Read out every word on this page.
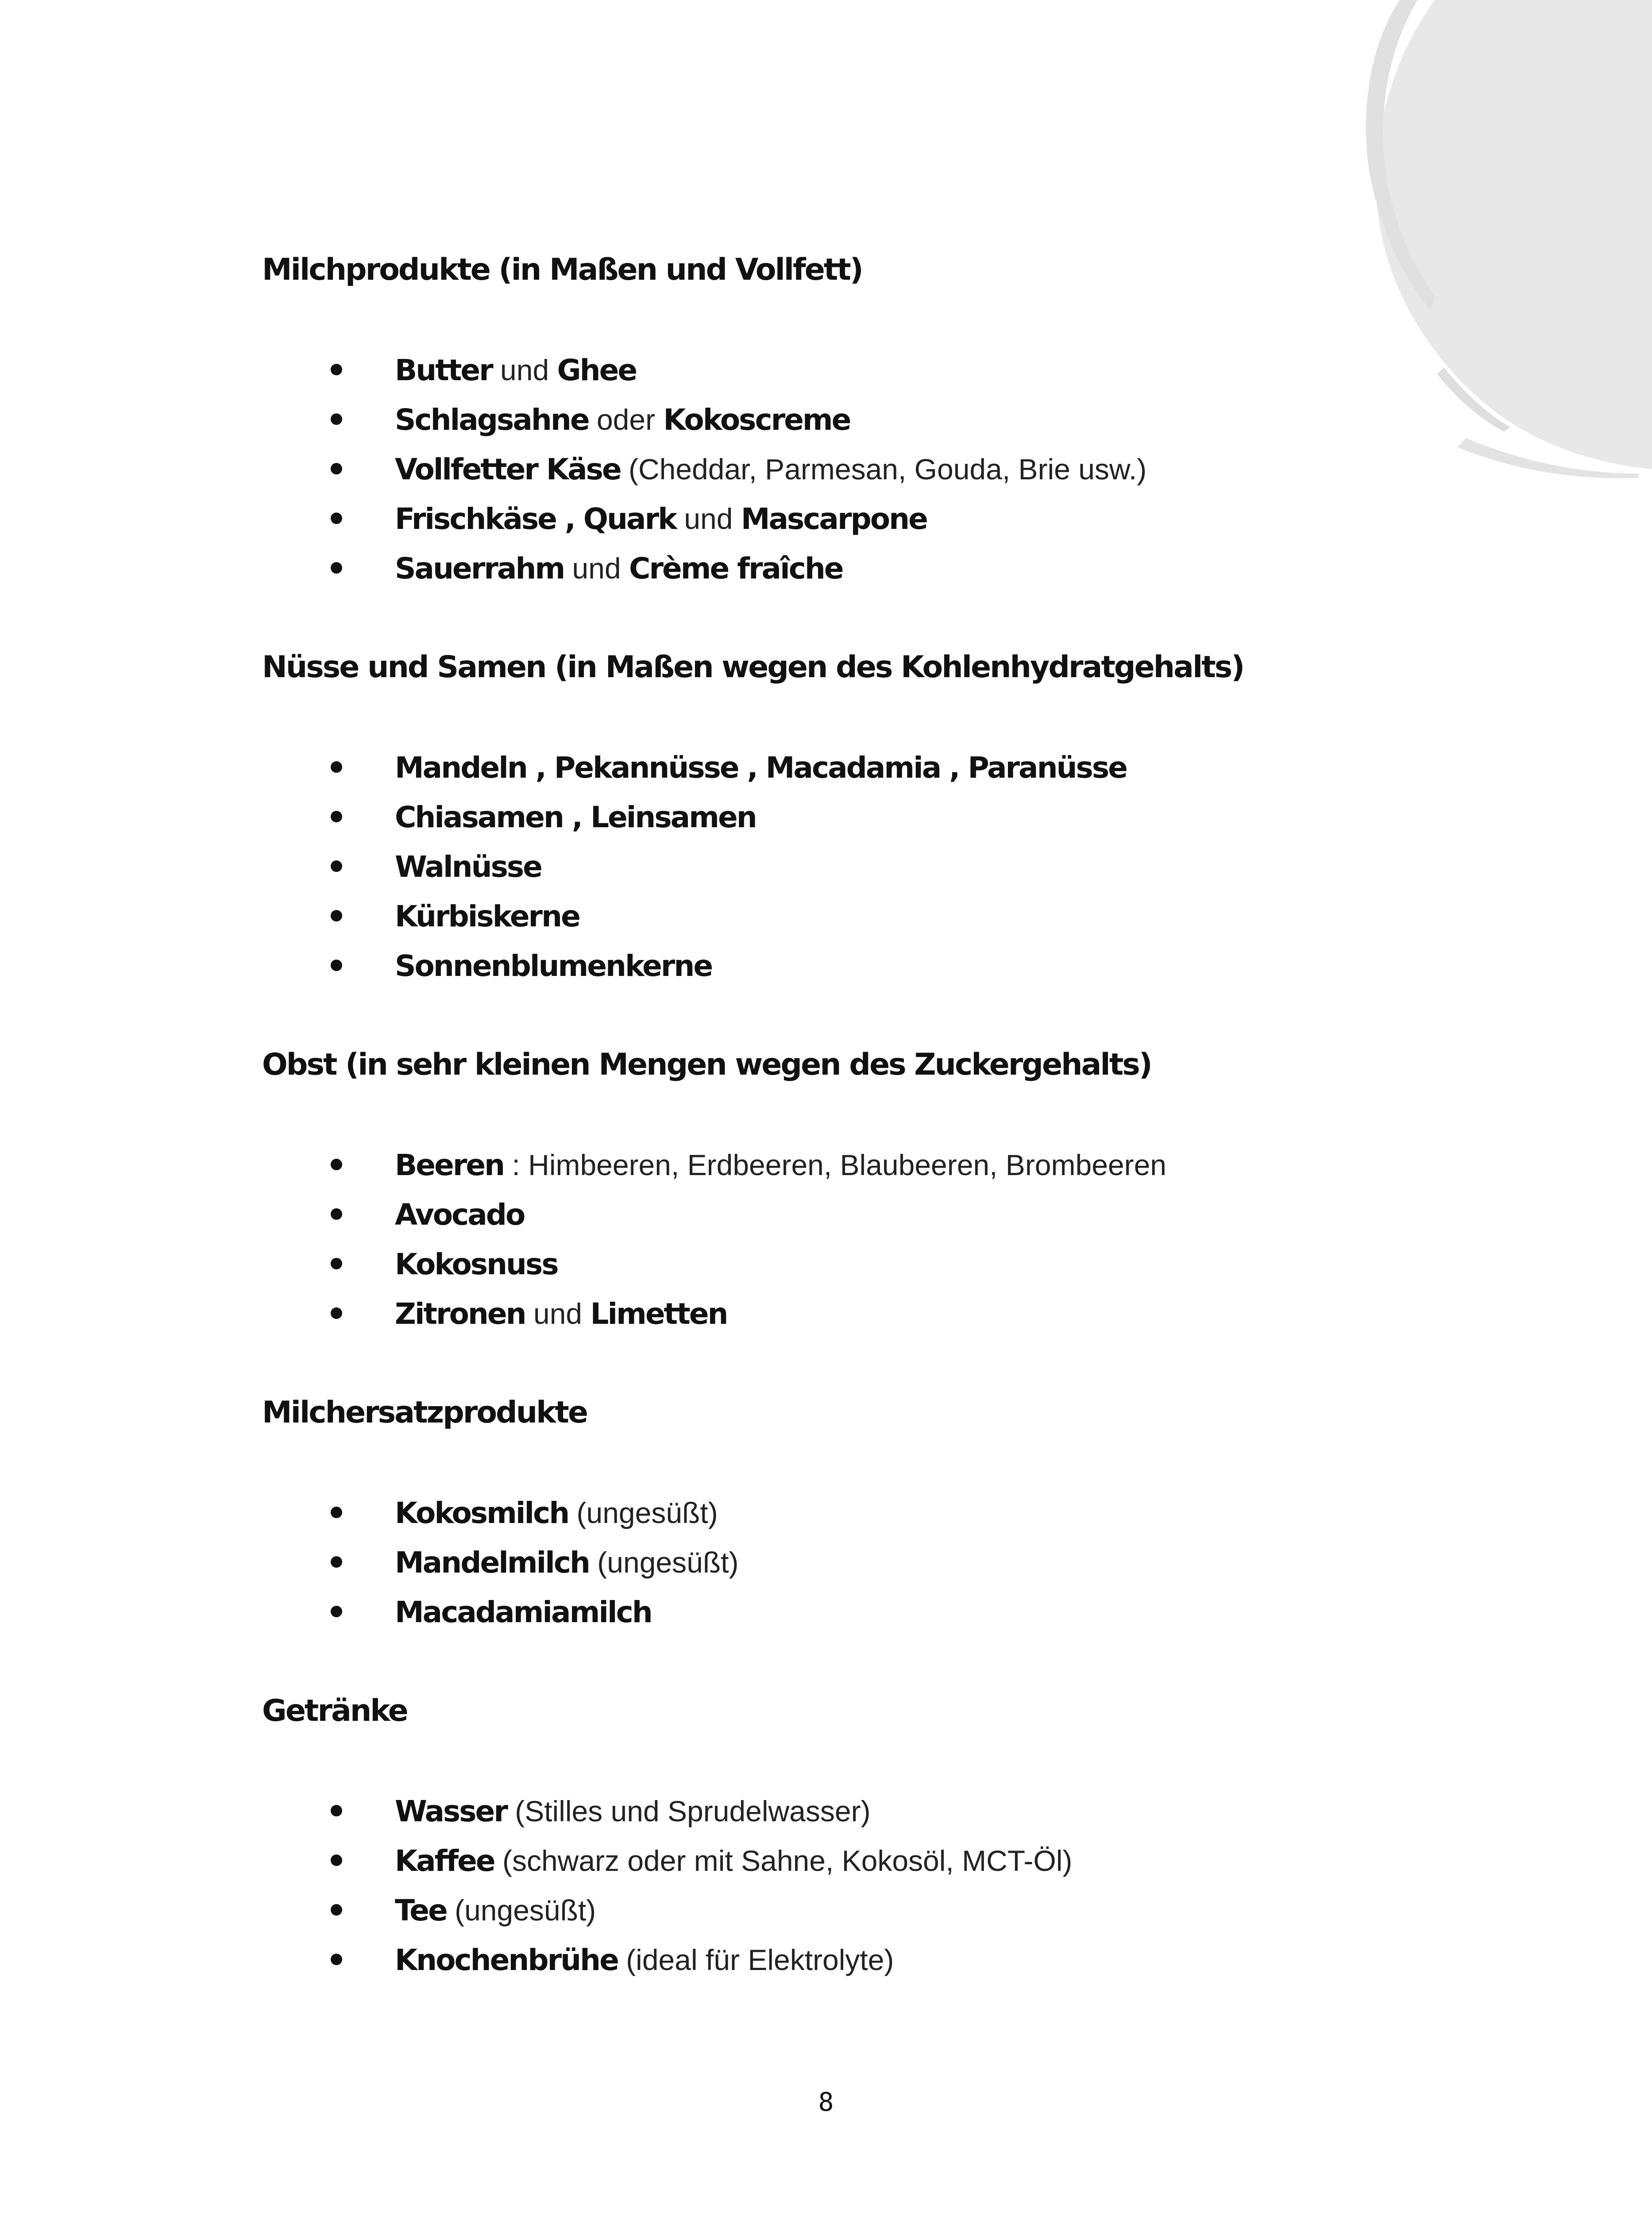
Milchprodukte (in Maßen und Vollfett)
Butter und Ghee
Schlagsahne oder Kokoscreme
Vollfetter Käse (Cheddar, Parmesan, Gouda, Brie usw.)
Frischkäse , Quark und Mascarpone
Sauerrahm und Crème fraîche
Nüsse und Samen (in Maßen wegen des Kohlenhydratgehalts)
Mandeln , Pekannüsse , Macadamia , Paranüsse
Chiasamen , Leinsamen
Walnüsse
Kürbiskerne
Sonnenblumenkerne
Obst (in sehr kleinen Mengen wegen des Zuckergehalts)
Beeren : Himbeeren, Erdbeeren, Blaubeeren, Brombeeren
Avocado
Kokosnuss
Zitronen und Limetten
Milchersatzprodukte
Kokosmilch (ungesüßt)
Mandelmilch (ungesüßt)
Macadamiamilch
Getränke
Wasser (Stilles und Sprudelwasser)
Kaffee (schwarz oder mit Sahne, Kokosöl, MCT-Öl)
Tee (ungesüßt)
Knochenbrühe (ideal für Elektrolyte)
8
